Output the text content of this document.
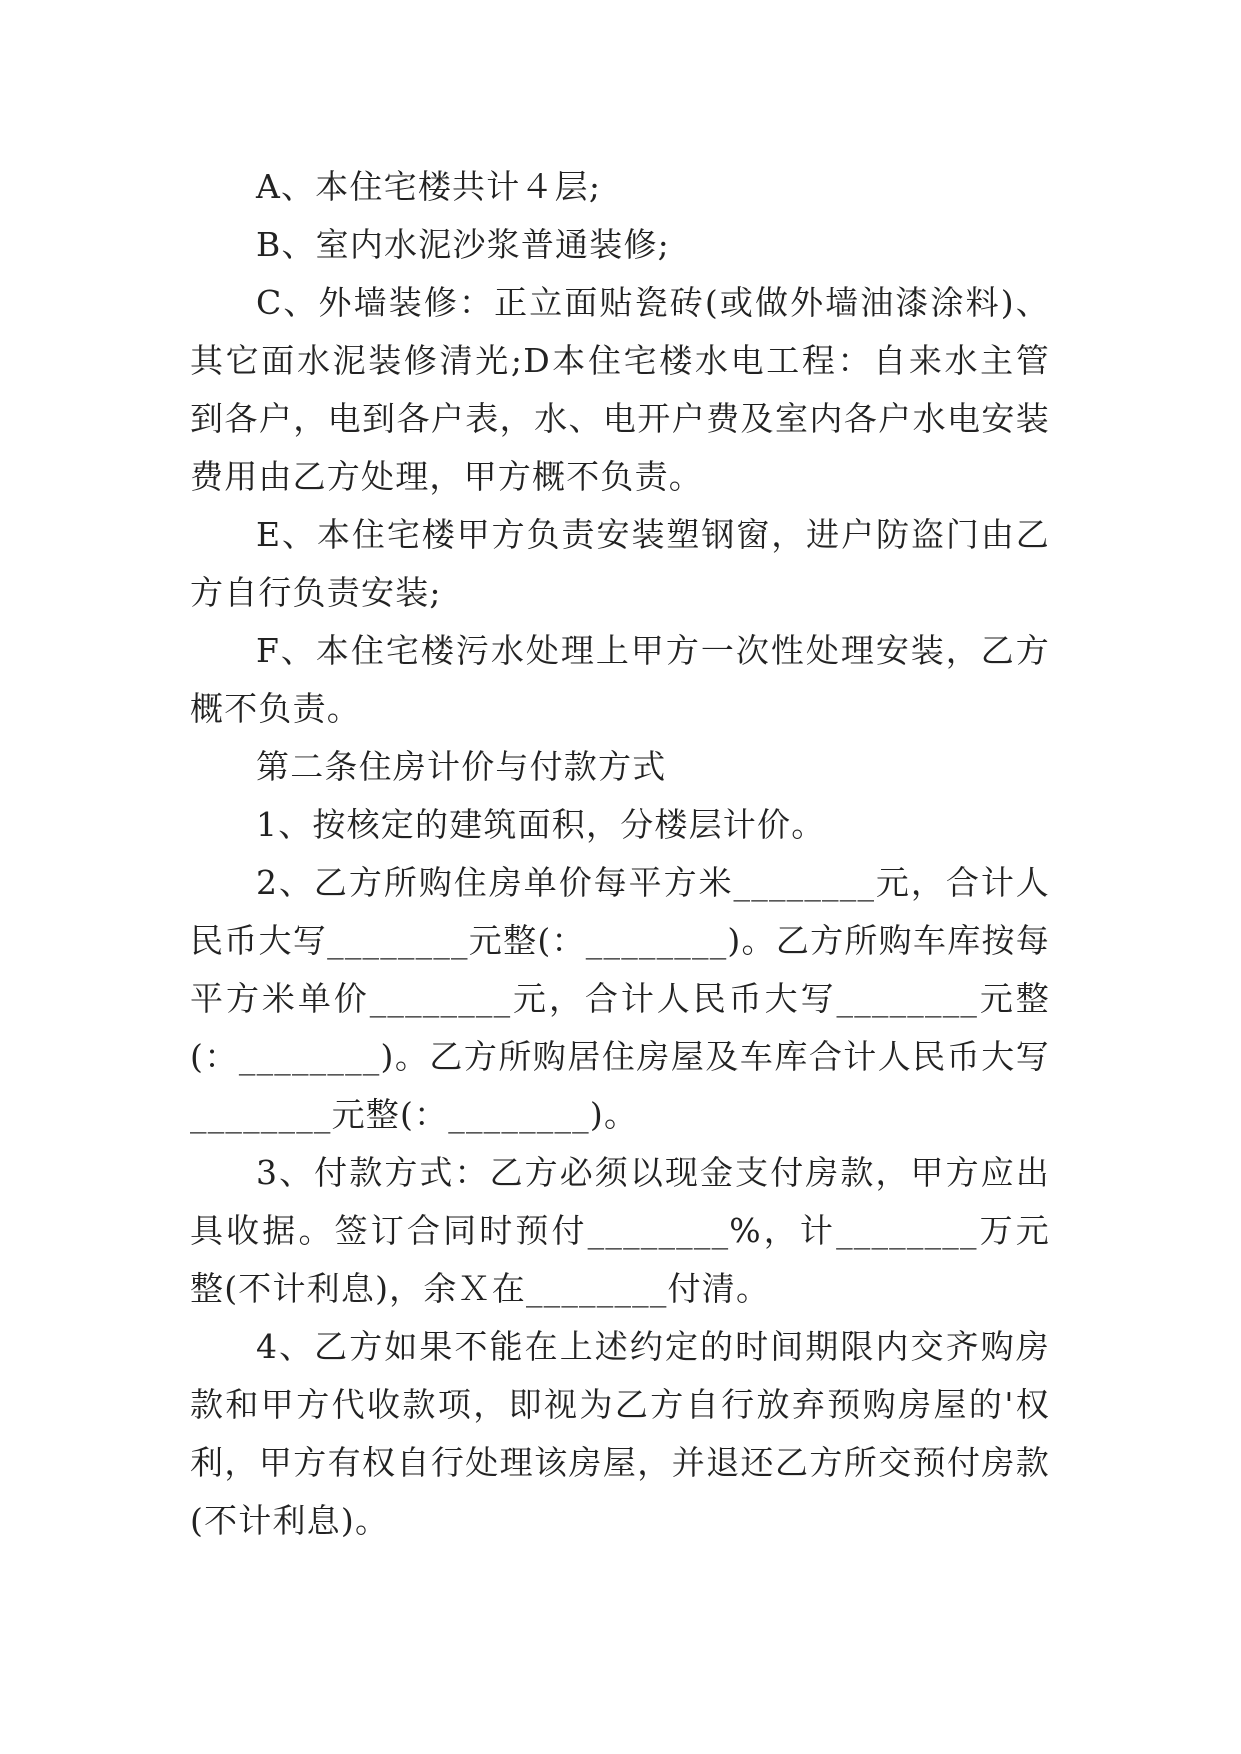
A、本住宅楼共计４层;

B、室内水泥沙浆普通装修;

C、外墙装修：正立面贴瓷砖(或做外墙油漆涂料)、其它面水泥装修清光;D本住宅楼水电工程：自来水主管到各户，电到各户表，水、电开户费及室内各户水电安装费用由乙方处理，甲方概不负责。

E、本住宅楼甲方负责安装塑钢窗，进户防盗门由乙方自行负责安装;

F、本住宅楼污水处理上甲方一次性处理安装，乙方概不负责。

第二条住房计价与付款方式

1、按核定的建筑面积，分楼层计价。

2、乙方所购住房单价每平方米________元，合计人民币大写________元整(：________)。乙方所购车库按每平方米单价________元，合计人民币大写________元整(：________)。乙方所购居住房屋及车库合计人民币大写________元整(：________)。

3、付款方式：乙方必须以现金支付房款，甲方应出具收据。签订合同时预付________%，计________万元整(不计利息)，余Ｘ在________付清。

4、乙方如果不能在上述约定的时间期限内交齐购房款和甲方代收款项，即视为乙方自行放弃预购房屋的'权利，甲方有权自行处理该房屋，并退还乙方所交预付房款(不计利息)。
